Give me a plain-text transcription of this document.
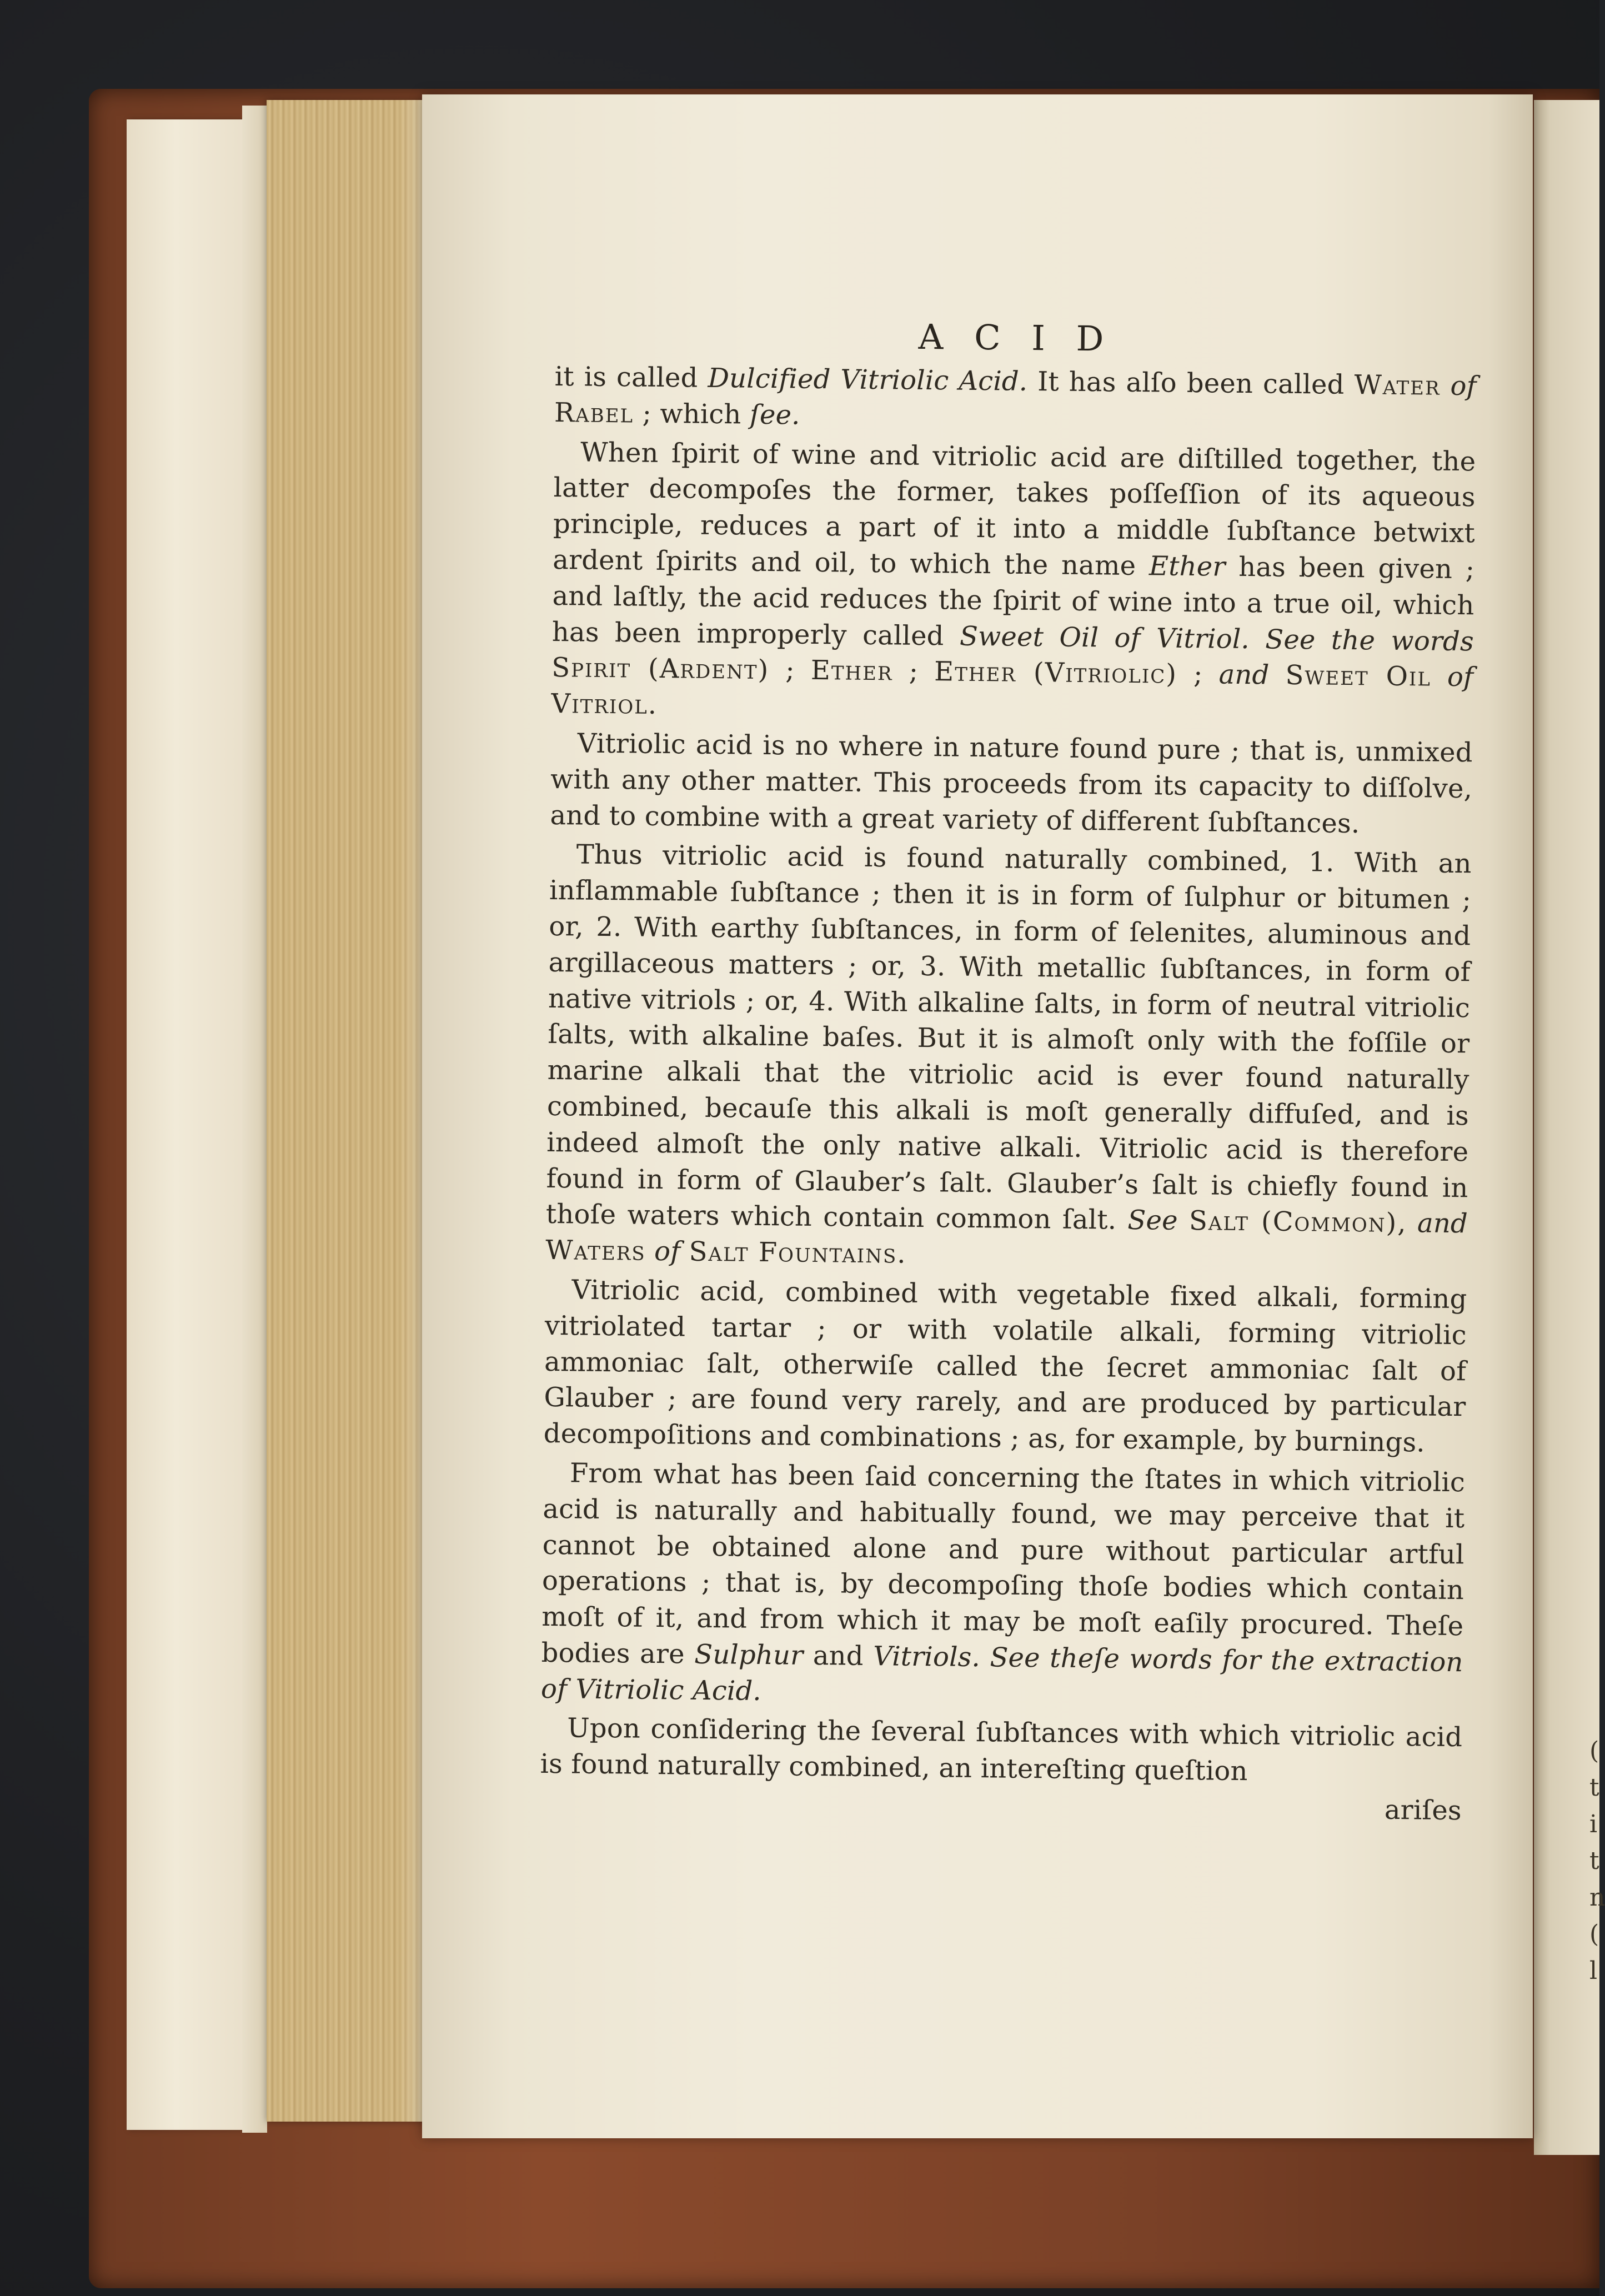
(
t
i
t
n
(
l
A C I D

it is called Dulcified Vitriolic Acid. It has alſo been called Water of Rabel ; which ſee.

When ſpirit of wine and vitriolic acid are diſtilled together, the latter decompoſes the former, takes poſſeſſion of its aqueous principle, reduces a part of it into a middle ſubſtance betwixt ardent ſpirits and oil, to which the name Ether has been given ; and laſtly, the acid reduces the ſpirit of wine into a true oil, which has been improperly called Sweet Oil of Vitriol. See the words Spirit (Ardent) ; Ether ; Ether (Vitriolic) ; and Sweet Oil of Vitriol.

Vitriolic acid is no where in nature found pure ; that is, unmixed with any other matter. This proceeds from its capacity to diſſolve, and to combine with a great variety of different ſubſtances.

Thus vitriolic acid is found naturally combined, 1. With an inflammable ſubſtance ; then it is in form of ſulphur or bitumen ; or, 2. With earthy ſubſtances, in form of ſelenites, aluminous and argillaceous matters ; or, 3. With metallic ſubſtances, in form of native vitriols ; or, 4. With alkaline ſalts, in form of neutral vitriolic ſalts, with alkaline baſes. But it is almoſt only with the foſſile or marine alkali that the vitriolic acid is ever found naturally combined, becauſe this alkali is moſt generally diffuſed, and is indeed almoſt the only native alkali. Vitriolic acid is therefore found in form of Glauber’s ſalt. Glauber’s ſalt is chiefly found in thoſe waters which contain common ſalt. See Salt (Common), and Waters of Salt Fountains.

Vitriolic acid, combined with vegetable fixed alkali, forming vitriolated tartar ; or with volatile alkali, forming vitriolic ammoniac ſalt, otherwiſe called the ſecret ammoniac ſalt of Glauber ; are found very rarely, and are produced by particular decompoſitions and combinations ; as, for example, by burnings.

From what has been ſaid concerning the ſtates in which vitriolic acid is naturally and habitually found, we may perceive that it cannot be obtained alone and pure without particular artful operations ; that is, by decompoſing thoſe bodies which contain moſt of it, and from which it may be moſt eaſily procured. Theſe bodies are Sulphur and Vitriols. See theſe words for the extraction of Vitriolic Acid.

Upon conſidering the ſeveral ſubſtances with which vitriolic acid is found naturally combined, an intereſting queſtion

ariſes
